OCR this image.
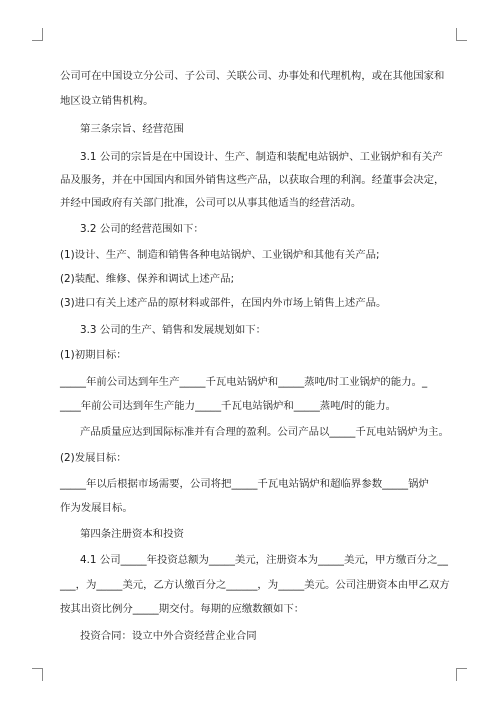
公司可在中国设立分公司、子公司、关联公司、办事处和代理机构，或在其他国家和
地区设立销售机构。
第三条宗旨、经营范围
3.1 公司的宗旨是在中国设计、生产、制造和装配电站锅炉、工业锅炉和有关产
品及服务，并在中国国内和国外销售这些产品，以获取合理的利润。经董事会决定，
并经中国政府有关部门批准，公司可以从事其他适当的经营活动。
3.2 公司的经营范围如下：
(1)设计、生产、制造和销售各种电站锅炉、工业锅炉和其他有关产品;
(2)装配、维修、保养和调试上述产品;
(3)进口有关上述产品的原材料或部件，在国内外市场上销售上述产品。
3.3 公司的生产、销售和发展规划如下：
(1)初期目标：
_____年前公司达到年生产_____千瓦电站锅炉和_____蒸吨/时工业锅炉的能力。_
____年前公司达到年生产能力_____千瓦电站锅炉和_____蒸吨/时的能力。
产品质量应达到国际标准并有合理的盈利。公司产品以_____千瓦电站锅炉为主。
(2)发展目标：
_____年以后根据市场需要，公司将把_____千瓦电站锅炉和超临界参数_____锅炉
作为发展目标。
第四条注册资本和投资
4.1 公司_____年投资总额为_____美元，注册资本为_____美元，甲方缴百分之__
___，为_____美元，乙方认缴百分之______，为_____美元。公司注册资本由甲乙双方
按其出资比例分_____期交付。每期的应缴数额如下：
投资合同：设立中外合资经营企业合同
